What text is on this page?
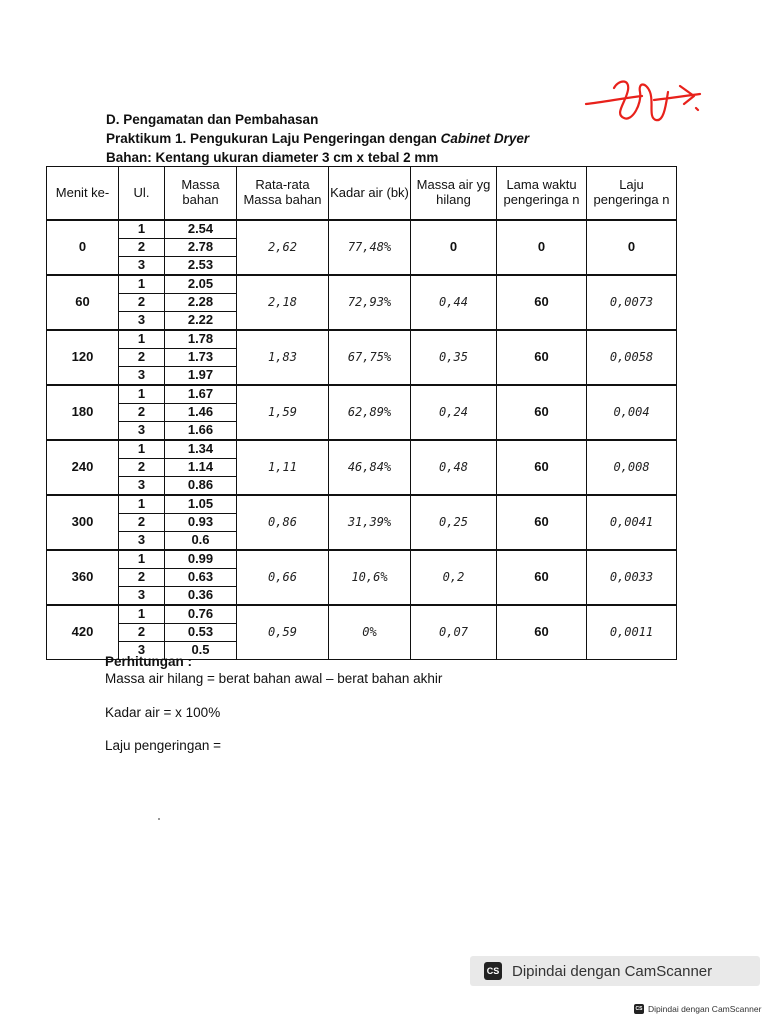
D. Pengamatan dan Pembahasan
Praktikum 1. Pengukuran Laju Pengeringan dengan Cabinet Dryer
Bahan: Kentang ukuran diameter 3 cm x tebal 2 mm
Menit ke-	Ul.	Massa bahan	Rata-rata Massa bahan	Kadar air (bk)	Massa air yg hilang	Lama waktu pengeringa n	Laju pengeringa n
0	1	2.54	2,62	77,48%	0	0	0
	2	2.78					
	3	2.53					
60	1	2.05	2,18	72,93%	0,44	60	0,0073
	2	2.28					
	3	2.22					
120	1	1.78	1,83	67,75%	0,35	60	0,0058
	2	1.73					
	3	1.97					
180	1	1.67	1,59	62,89%	0,24	60	0,004
	2	1.46					
	3	1.66					
240	1	1.34	1,11	46,84%	0,48	60	0,008
	2	1.14					
	3	0.86					
300	1	1.05	0,86	31,39%	0,25	60	0,0041
	2	0.93					
	3	0.6					
360	1	0.99	0,66	10,6%	0,2	60	0,0033
	2	0.63					
	3	0.36					
420	1	0.76	0,59	0%	0,07	60	0,0011
	2	0.53					
	3	0.5					
Perhitungan :
Massa air hilang = berat bahan awal – berat bahan akhir
Kadar air = x 100%
Laju pengeringan =
CS Dipindai dengan CamScanner
CS Dipindai dengan CamScanner
